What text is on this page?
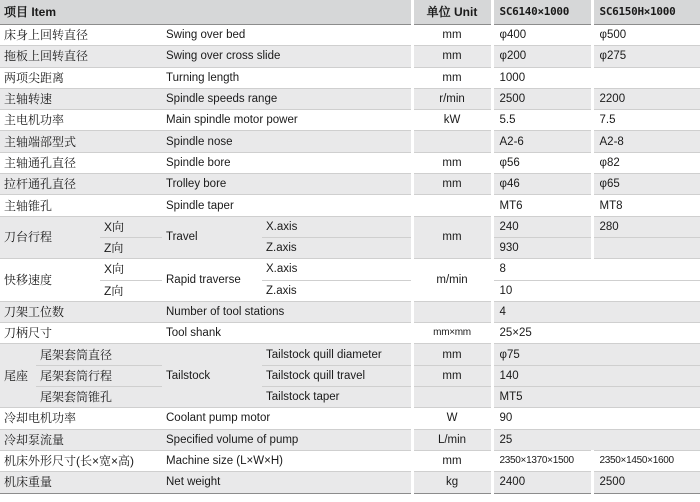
项目 Item					单位 Unit	SC6140×1000	SC6150H×1000
床身上回转直径			Swing over bed		mm	φ400	φ500
拖板上回转直径			Swing over cross slide		mm	φ200	φ275
两项尖距离			Turning length		mm	1000	
主轴转速			Spindle speeds range		r/min	2500	2200
主电机功率			Main spindle motor power		kW	5.5	7.5
主轴端部型式			Spindle nose			A2-6	A2-8
主轴通孔直径			Spindle bore		mm	φ56	φ82
拉杆通孔直径			Trolley bore		mm	φ46	φ65
主轴锥孔			Spindle taper			MT6	MT8
刀台行程		X向	Travel	X.axis	mm	240	280
		Z向		Z.axis		930	
快移速度		X向	Rapid traverse	X.axis	m/min	8	
		Z向		Z.axis		10	
刀架工位数			Number of tool stations			4	
刀柄尺寸			Tool shank		mm×mm	25×25	
尾座	尾架套筒直径		Tailstock	Tailstock quill diameter	mm	φ75	
	尾架套筒行程			Tailstock quill travel	mm	140	
	尾架套筒锥孔			Tailstock taper		MT5	
冷却电机功率			Coolant pump motor		W	90	
冷却泵流量			Specified volume of pump		L/min	25	
机床外形尺寸(长×宽×高)			Machine size (L×W×H)		mm	2350×1370×1500	2350×1450×1600
机床重量			Net weight		kg	2400	2500
